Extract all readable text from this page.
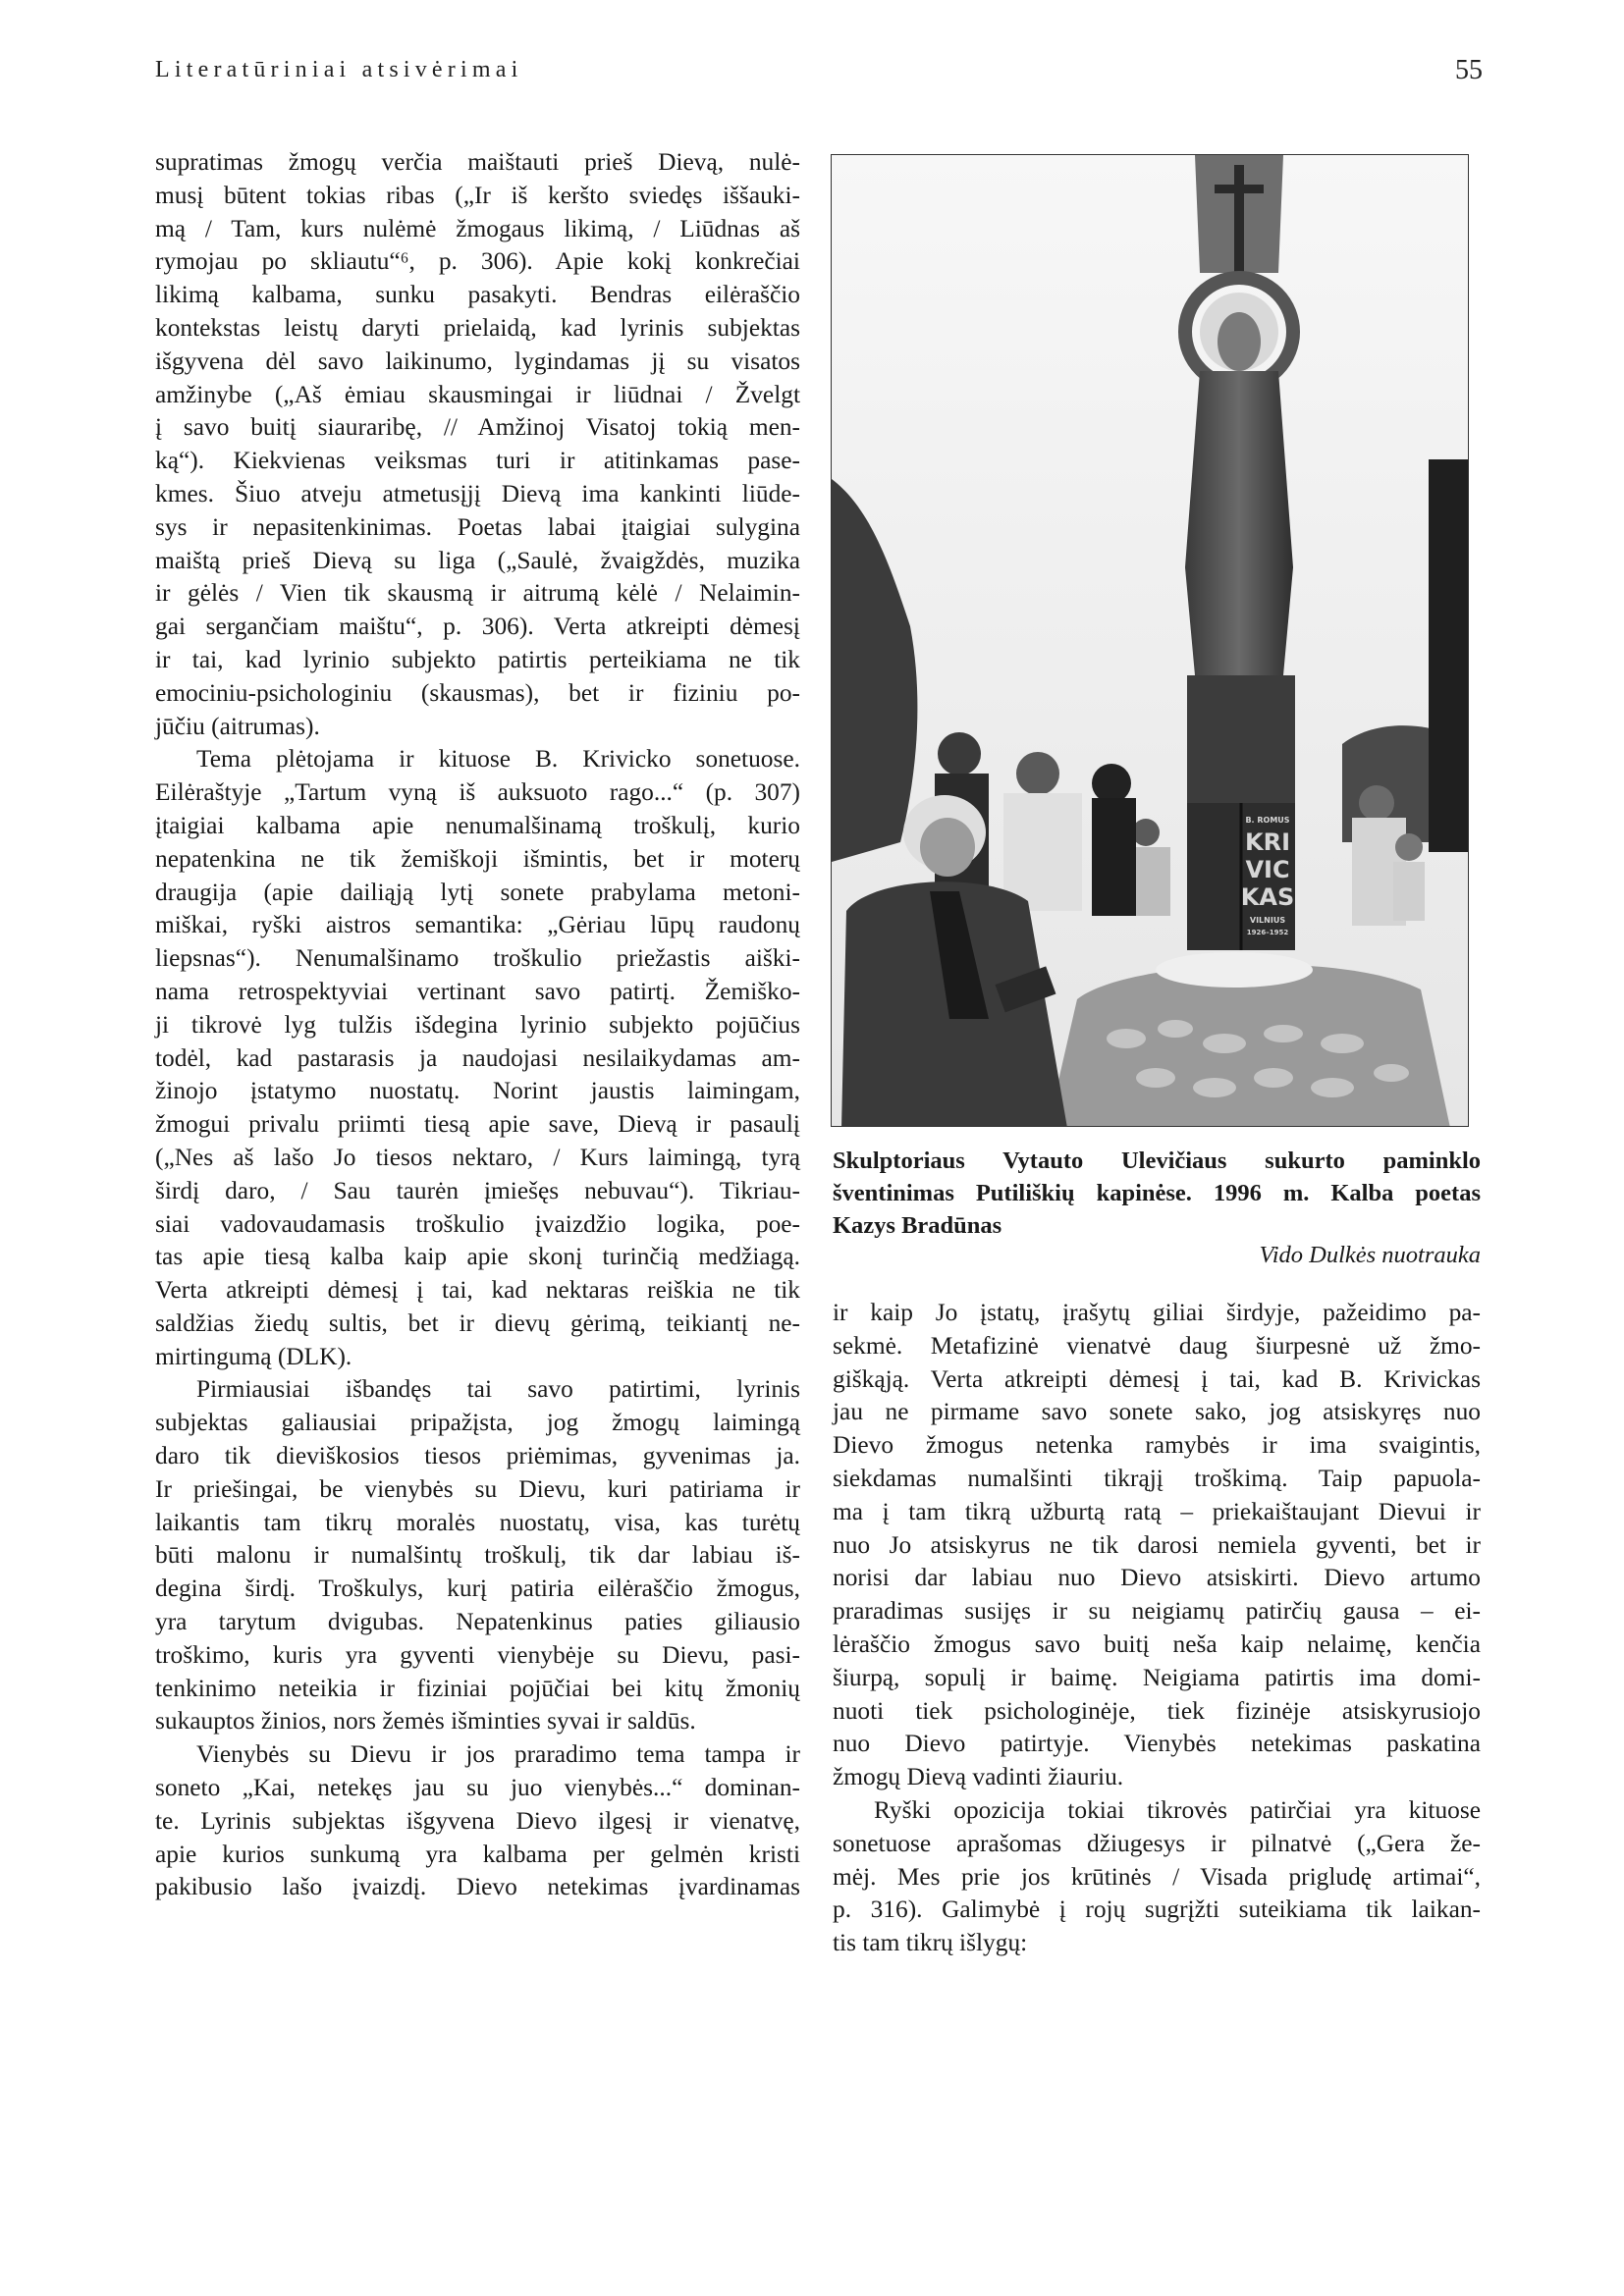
Literatūriniai atsivėrimai	55
supratimas žmogų verčia maištauti prieš Dievą, nulė-
musį būtent tokias ribas („Ir iš keršto sviedęs iššauki-
mą / Tam, kurs nulėmė žmogaus likimą, / Liūdnas aš
rymojau po skliautu“⁶, p. 306). Apie kokį konkrečiai
likimą kalbama, sunku pasakyti. Bendras eilėraščio
kontekstas leistų daryti prielaidą, kad lyrinis subjektas
išgyvena dėl savo laikinumo, lygindamas jį su visatos
amžinybe („Aš ėmiau skausmingai ir liūdnai / Žvelgt
į savo buitį siauraribę, // Amžinoj Visatoj tokią men-
ką“). Kiekvienas veiksmas turi ir atitinkamas pase-
kmes. Šiuo atveju atmetusįjį Dievą ima kankinti liūde-
sys ir nepasitenkinimas. Poetas labai įtaigiai sulygina
maištą prieš Dievą su liga („Saulė, žvaigždės, muzika
ir gėlės / Vien tik skausmą ir aitrumą kėlė / Nelaimin-
gai sergančiam maištu“, p. 306). Verta atkreipti dėmesį
ir tai, kad lyrinio subjekto patirtis perteikiama ne tik
emociniu-psichologiniu (skausmas), bet ir fiziniu po-
jūčiu (aitrumas).
Tema plėtojama ir kituose B. Krivicko sonetuose.
Eilėraštyje „Tartum vyną iš auksuoto rago...“ (p. 307)
įtaigiai kalbama apie nenumalšinamą troškulį, kurio
nepatenkina ne tik žemiškoji išmintis, bet ir moterų
draugija (apie dailiąją lytį sonete prabylama metoni-
miškai, ryški aistros semantika: „Gėriau lūpų raudonų
liepsnas“). Nenumalšinamo troškulio priežastis aiški-
nama retrospektyviai vertinant savo patirtį. Žemiško-
ji tikrovė lyg tulžis išdegina lyrinio subjekto pojūčius
todėl, kad pastarasis ja naudojasi nesilaikydamas am-
žinojo įstatymo nuostatų. Norint jaustis laimingam,
žmogui privalu priimti tiesą apie save, Dievą ir pasaulį
(„Nes aš lašo Jo tiesos nektaro, / Kurs laimingą, tyrą
širdį daro, / Sau taurėn įmiešęs nebuvau“). Tikriau-
siai vadovaudamasis troškulio įvaizdžio logika, poe-
tas apie tiesą kalba kaip apie skonį turinčią medžiagą.
Verta atkreipti dėmesį į tai, kad nektaras reiškia ne tik
saldžias žiedų sultis, bet ir dievų gėrimą, teikiantį ne-
mirtingumą (DLK).
Pirmiausiai išbandęs tai savo patirtimi, lyrinis
subjektas galiausiai pripažįsta, jog žmogų laimingą
daro tik dieviškosios tiesos priėmimas, gyvenimas ja.
Ir priešingai, be vienybės su Dievu, kuri patiriama ir
laikantis tam tikrų moralės nuostatų, visa, kas turėtų
būti malonu ir numalšintų troškulį, tik dar labiau iš-
degina širdį. Troškulys, kurį patiria eilėraščio žmogus,
yra tarytum dvigubas. Nepatenkinus paties giliausio
troškimo, kuris yra gyventi vienybėje su Dievu, pasi-
tenkinimo neteikia ir fiziniai pojūčiai bei kitų žmonių
sukauptos žinios, nors žemės išminties syvai ir saldūs.
Vienybės su Dievu ir jos praradimo tema tampa ir
soneto „Kai, netekęs jau su juo vienybės...“ dominan-
te. Lyrinis subjektas išgyvena Dievo ilgesį ir vienatvę,
apie kurios sunkumą yra kalbama per gelmėn kristi
pakibusio lašo įvaizdį. Dievo netekimas įvardinamas
B. ROMUS
KRI
VIC
KAS
VILNIUS
1926–1952
Skulptoriaus Vytauto Ulevičiaus sukurto paminklo
šventinimas Putiliškių kapinėse. 1996 m. Kalba poetas
Kazys Bradūnas
Vido Dulkės nuotrauka
ir kaip Jo įstatų, įrašytų giliai širdyje, pažeidimo pa-
sekmė. Metafizinė vienatvė daug šiurpesnė už žmo-
giškąją. Verta atkreipti dėmesį į tai, kad B. Krivickas
jau ne pirmame savo sonete sako, jog atsiskyręs nuo
Dievo žmogus netenka ramybės ir ima svaigintis,
siekdamas numalšinti tikrąjį troškimą. Taip papuola-
ma į tam tikrą užburtą ratą – priekaištaujant Dievui ir
nuo Jo atsiskyrus ne tik darosi nemiela gyventi, bet ir
norisi dar labiau nuo Dievo atsiskirti. Dievo artumo
praradimas susijęs ir su neigiamų patirčių gausa – ei-
lėraščio žmogus savo buitį neša kaip nelaimę, kenčia
šiurpą, sopulį ir baimę. Neigiama patirtis ima domi-
nuoti tiek psichologinėje, tiek fizinėje atsiskyrusiojo
nuo Dievo patirtyje. Vienybės netekimas paskatina
žmogų Dievą vadinti žiauriu.
Ryški opozicija tokiai tikrovės patirčiai yra kituose
sonetuose aprašomas džiugesys ir pilnatvė („Gera že-
mėj. Mes prie jos krūtinės / Visada prigludę artimai“,
p. 316). Galimybė į rojų sugrįžti suteikiama tik laikan-
tis tam tikrų išlygų:
